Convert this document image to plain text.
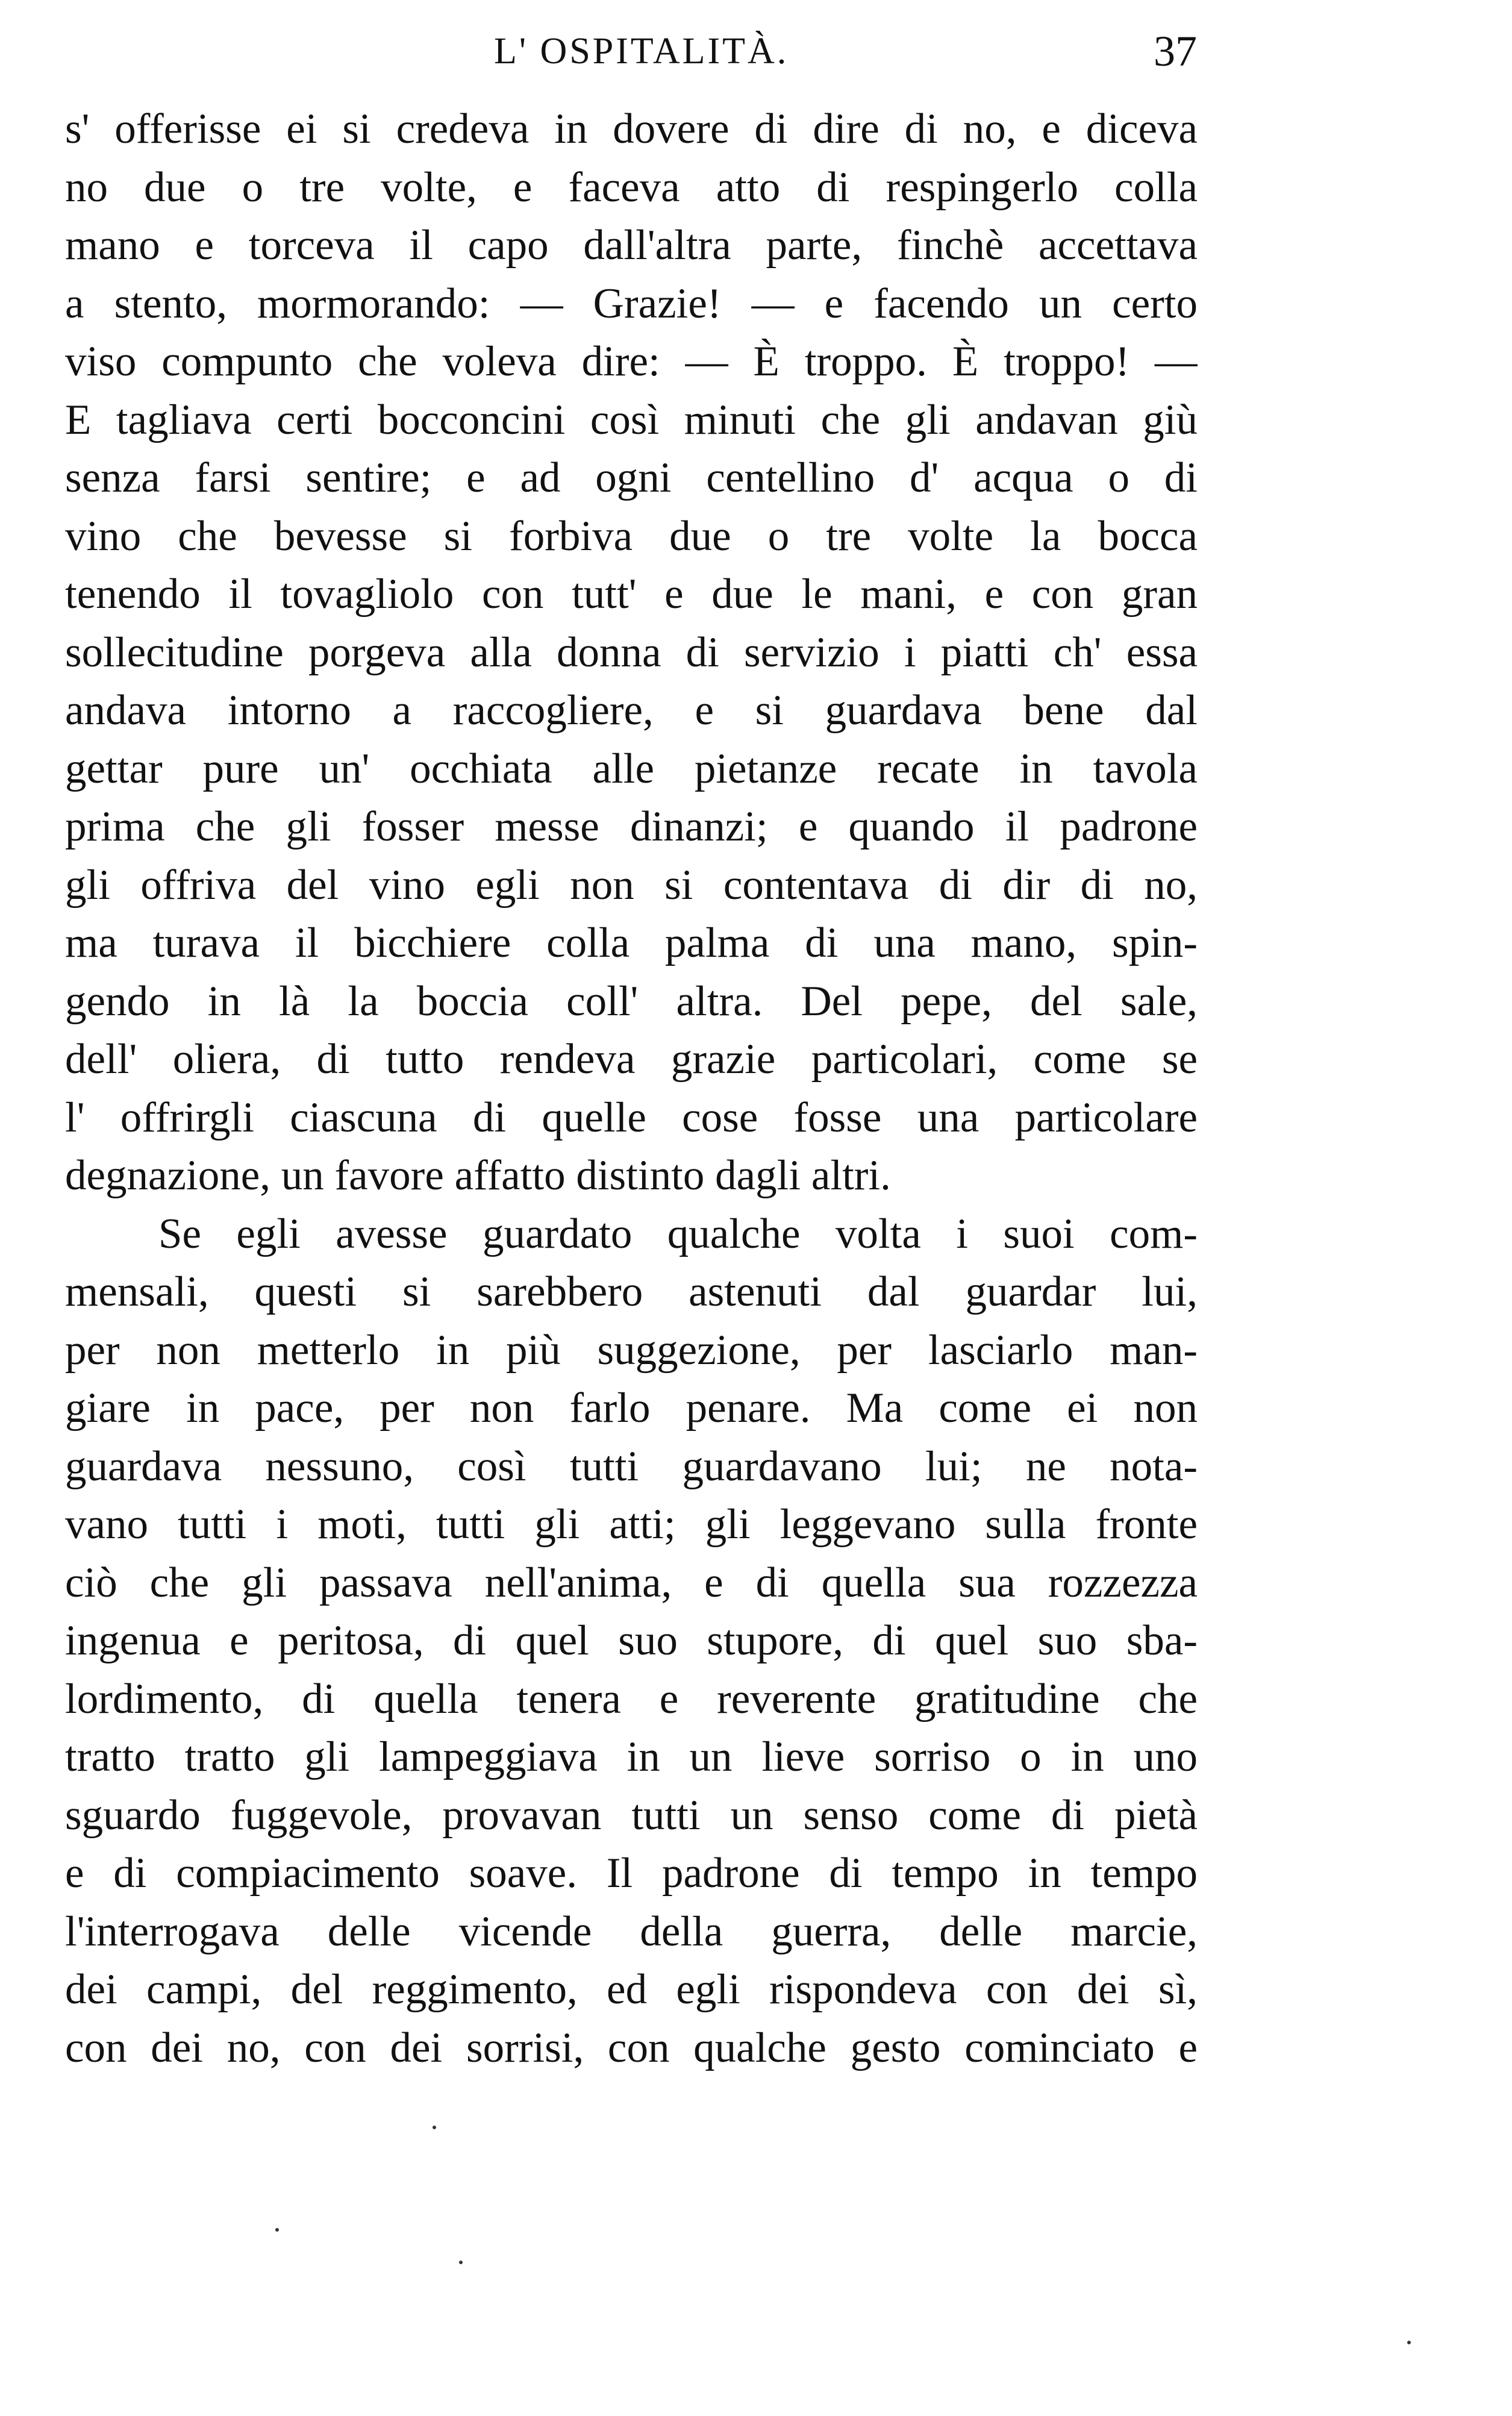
L' OSPITALITÀ.	37
s' offerisse ei si credeva in dovere di dire di no, e diceva
no due o tre volte, e faceva atto di respingerlo colla
mano e torceva il capo dall'altra parte, finchè accettava
a stento, mormorando: — Grazie! — e facendo un certo
viso compunto che voleva dire: — È troppo. È troppo! —
E tagliava certi bocconcini così minuti che gli andavan giù
senza farsi sentire; e ad ogni centellino d' acqua o di
vino che bevesse si forbiva due o tre volte la bocca
tenendo il tovagliolo con tutt' e due le mani, e con gran
sollecitudine porgeva alla donna di servizio i piatti ch' essa
andava intorno a raccogliere, e si guardava bene dal
gettar pure un' occhiata alle pietanze recate in tavola
prima che gli fosser messe dinanzi; e quando il padrone
gli offriva del vino egli non si contentava di dir di no,
ma turava il bicchiere colla palma di una mano, spin-
gendo in là la boccia coll' altra. Del pepe, del sale,
dell' oliera, di tutto rendeva grazie particolari, come se
l' offrirgli ciascuna di quelle cose fosse una particolare
degnazione, un favore affatto distinto dagli altri.
Se egli avesse guardato qualche volta i suoi com-
mensali, questi si sarebbero astenuti dal guardar lui,
per non metterlo in più suggezione, per lasciarlo man-
giare in pace, per non farlo penare. Ma come ei non
guardava nessuno, così tutti guardavano lui; ne nota-
vano tutti i moti, tutti gli atti; gli leggevano sulla fronte
ciò che gli passava nell'anima, e di quella sua rozzezza
ingenua e peritosa, di quel suo stupore, di quel suo sba-
lordimento, di quella tenera e reverente gratitudine che
tratto tratto gli lampeggiava in un lieve sorriso o in uno
sguardo fuggevole, provavan tutti un senso come di pietà
e di compiacimento soave. Il padrone di tempo in tempo
l'interrogava delle vicende della guerra, delle marcie,
dei campi, del reggimento, ed egli rispondeva con dei sì,
con dei no, con dei sorrisi, con qualche gesto cominciato e
